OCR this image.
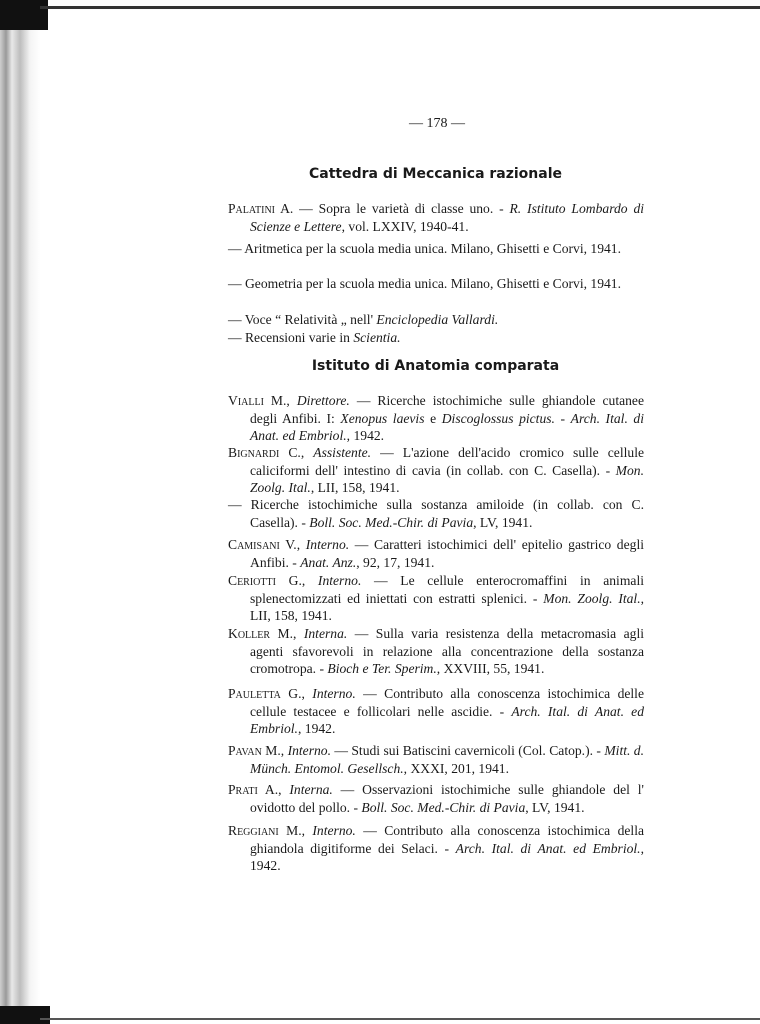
— 178 —
Cattedra di Meccanica razionale
Istituto di Anatomia comparata
Palatini A. — Sopra le varietà di classe uno. - R. Istituto Lombardo di Scienze e Lettere, vol. LXXIV, 1940-41.
— Aritmetica per la scuola media unica. Milano, Ghisetti e Corvi, 1941.
— Geometria per la scuola media unica. Milano, Ghisetti e Corvi, 1941.
— Voce “ Relatività „ nell' Enciclopedia Vallardi.
— Recensioni varie in Scientia.
Vialli M., Direttore. — Ricerche istochimiche sulle ghiandole cutanee degli Anfibi. I: Xenopus laevis e Discoglossus pictus. - Arch. Ital. di Anat. ed Embriol., 1942.
Bignardi C., Assistente. — L'azione dell'acido cromico sulle cellule caliciformi dell' intestino di cavia (in collab. con C. Casella). - Mon. Zoolg. Ital., LII, 158, 1941.
— Ricerche istochimiche sulla sostanza amiloide (in collab. con C. Casella). - Boll. Soc. Med.-Chir. di Pavia, LV, 1941.
Camisani V., Interno. — Caratteri istochimici dell' epitelio gastrico degli Anfibi. - Anat. Anz., 92, 17, 1941.
Ceriotti G., Interno. — Le cellule enterocromaffini in animali splenectomizzati ed iniettati con estratti splenici. - Mon. Zoolg. Ital., LII, 158, 1941.
Koller M., Interna. — Sulla varia resistenza della metacromasia agli agenti sfavorevoli in relazione alla concentrazione della sostanza cromotropa. - Bioch e Ter. Sperim., XXVIII, 55, 1941.
Pauletta G., Interno. — Contributo alla conoscenza istochimica delle cellule testacee e follicolari nelle ascidie. - Arch. Ital. di Anat. ed Embriol., 1942.
Pavan M., Interno. — Studi sui Batiscini cavernicoli (Col. Catop.). - Mitt. d. Münch. Entomol. Gesellsch., XXXI, 201, 1941.
Prati A., Interna. — Osservazioni istochimiche sulle ghiandole del l' ovidotto del pollo. - Boll. Soc. Med.-Chir. di Pavia, LV, 1941.
Reggiani M., Interno. — Contributo alla conoscenza istochimica della ghiandola digitiforme dei Selaci. - Arch. Ital. di Anat. ed Embriol., 1942.
